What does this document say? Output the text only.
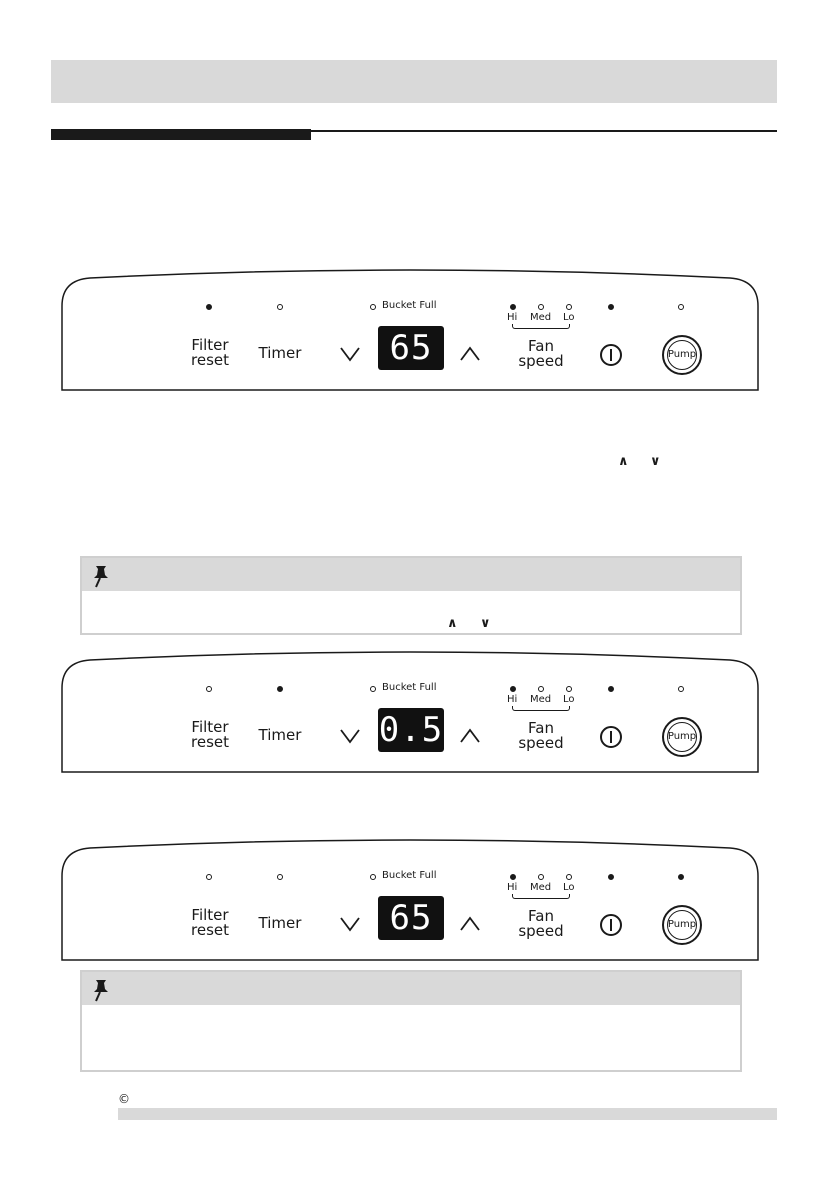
∧ ∨
Filter
reset	Timer
Bucket Full
Hi	Med	Lo
Fan
speed
65	Pump
∧ ∨
Filter
reset	Timer
Bucket Full
Hi	Med	Lo
Fan
speed
0.5	Pump
Filter
reset	Timer
Bucket Full
Hi	Med	Lo
Fan
speed
65	Pump
©
